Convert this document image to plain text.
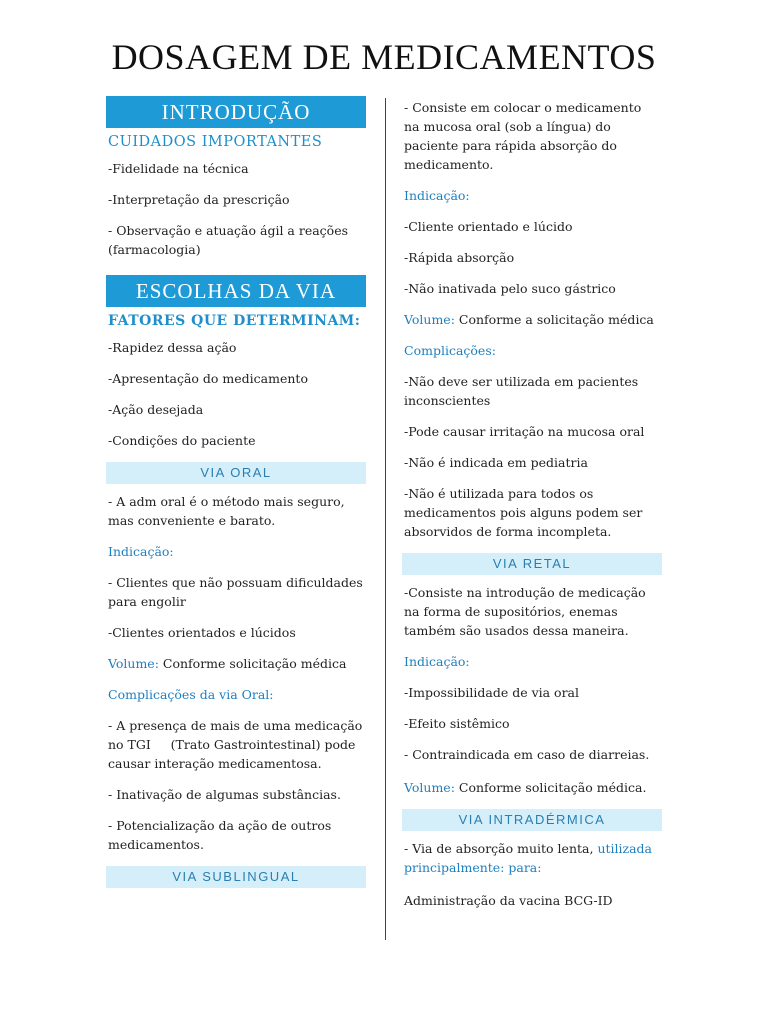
DOSAGEM DE MEDICAMENTOS
INTRODUÇÃO
CUIDADOS IMPORTANTES

-Fidelidade na técnica

-Interpretação da prescrição

- Observação e atuação ágil a reações (farmacologia)

ESCOLHAS DA VIA
FATORES QUE DETERMINAM:

-Rapidez dessa ação

-Apresentação do medicamento

-Ação desejada

-Condições do paciente

VIA ORAL

- A adm oral é o método mais seguro, mas conveniente e barato.

Indicação:

- Clientes que não possuam dificuldades para engolir

-Clientes orientados e lúcidos

Volume: Conforme solicitação médica

Complicações da via Oral:

- A presença de mais de uma medicação no TGI     (Trato Gastrointestinal) pode causar interação medicamentosa.

- Inativação de algumas substâncias.

- Potencialização da ação de outros medicamentos.

VIA SUBLINGUAL

- Consiste em colocar o medicamento na mucosa oral (sob a língua) do paciente para rápida absorção do medicamento.

Indicação:

-Cliente orientado e lúcido

-Rápida absorção

-Não inativada pelo suco gástrico

Volume: Conforme a solicitação médica

Complicações:

-Não deve ser utilizada em pacientes inconscientes

-Pode causar irritação na mucosa oral

-Não é indicada em pediatria

-Não é utilizada para todos os medicamentos pois alguns podem ser absorvidos de forma incompleta.

VIA RETAL

-Consiste na introdução de medicação na forma de supositórios, enemas também são usados dessa maneira.

Indicação:

-Impossibilidade de via oral

-Efeito sistêmico

- Contraindicada em caso de diarreias.

Volume: Conforme solicitação médica.

VIA INTRADÉRMICA

- Via de absorção muito lenta, utilizada principalmente: para:

Administração da vacina BCG-ID
